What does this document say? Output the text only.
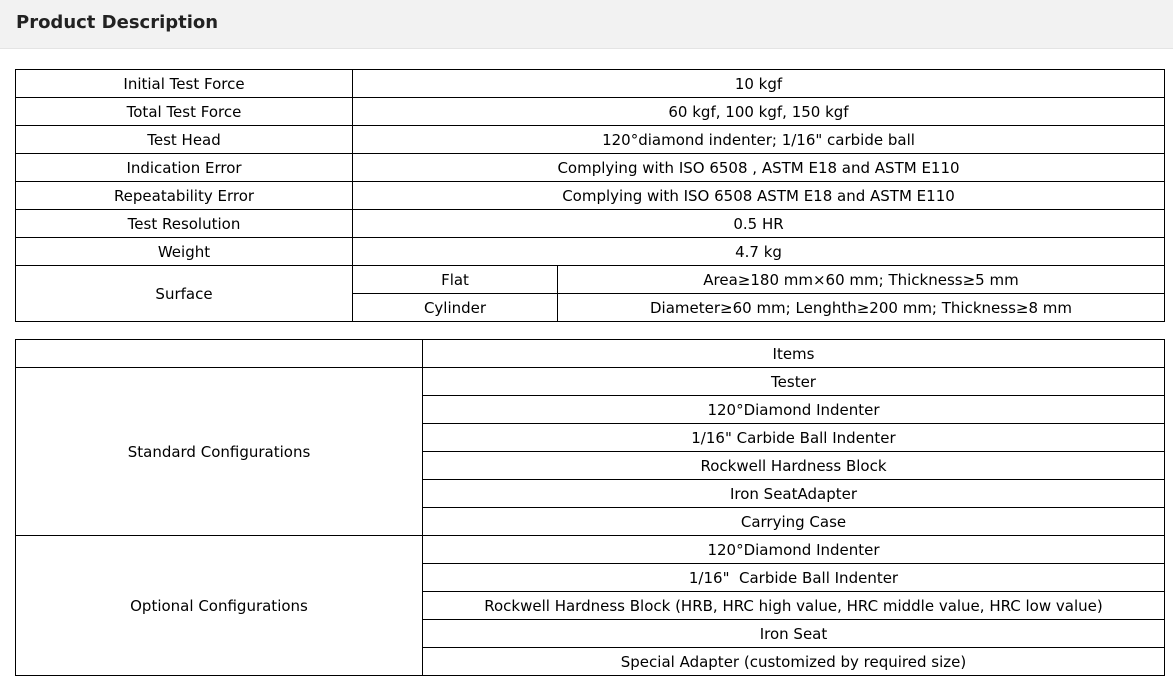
Product Description
Initial Test Force	10 kgf	
Total Test Force	60 kgf, 100 kgf, 150 kgf	
Test Head	120°diamond indenter; 1/16" carbide ball	
Indication Error	Complying with ISO 6508 , ASTM E18 and ASTM E110	
Repeatability Error	Complying with ISO 6508 ASTM E18 and ASTM E110	
Test Resolution	0.5 HR	
Weight	4.7 kg	
Surface	Flat	Area≥180 mm×60 mm; Thickness≥5 mm
	Cylinder	Diameter≥60 mm; Lenghth≥200 mm; Thickness≥8 mm
	Items
Standard Configurations	Tester
	120°Diamond Indenter
	1/16" Carbide Ball Indenter
	Rockwell Hardness Block
	Iron SeatAdapter
	Carrying Case
Optional Configurations	120°Diamond Indenter
	1/16"  Carbide Ball Indenter
	Rockwell Hardness Block (HRB, HRC high value, HRC middle value, HRC low value)
	Iron Seat
	Special Adapter (customized by required size)
